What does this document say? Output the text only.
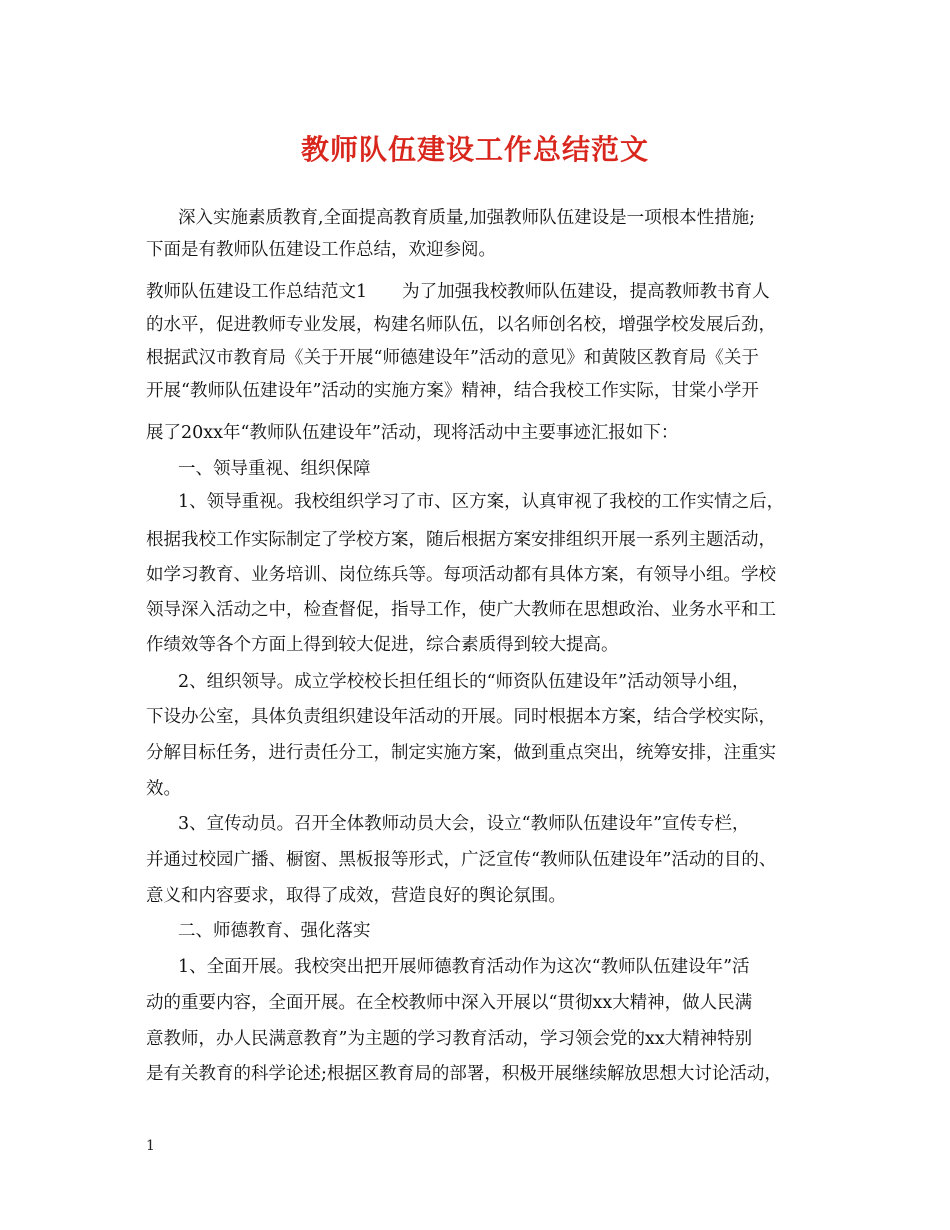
教师队伍建设工作总结范文
深入实施素质教育,全面提高教育质量,加强教师队伍建设是一项根本性措施;
下面是有教师队伍建设工作总结，欢迎参阅。
教师队伍建设工作总结范文1　　为了加强我校教师队伍建设，提高教师教书育人
的水平，促进教师专业发展，构建名师队伍，以名师创名校，增强学校发展后劲，
根据武汉市教育局《关于开展“师德建设年”活动的意见》和黄陂区教育局《关于
开展“教师队伍建设年”活动的实施方案》精神，结合我校工作实际，甘棠小学开
展了20xx年“教师队伍建设年”活动，现将活动中主要事迹汇报如下：
一、领导重视、组织保障
1、领导重视。我校组织学习了市、区方案，认真审视了我校的工作实情之后，
根据我校工作实际制定了学校方案，随后根据方案安排组织开展一系列主题活动，
如学习教育、业务培训、岗位练兵等。每项活动都有具体方案，有领导小组。学校
领导深入活动之中，检查督促，指导工作，使广大教师在思想政治、业务水平和工
作绩效等各个方面上得到较大促进，综合素质得到较大提高。
2、组织领导。成立学校校长担任组长的“师资队伍建设年”活动领导小组，
下设办公室，具体负责组织建设年活动的开展。同时根据本方案，结合学校实际，
分解目标任务，进行责任分工，制定实施方案，做到重点突出，统筹安排，注重实
效。
3、宣传动员。召开全体教师动员大会，设立“教师队伍建设年”宣传专栏，
并通过校园广播、橱窗、黑板报等形式，广泛宣传“教师队伍建设年”活动的目的、
意义和内容要求，取得了成效，营造良好的舆论氛围。
二、师德教育、强化落实
1、全面开展。我校突出把开展师德教育活动作为这次“教师队伍建设年”活
动的重要内容，全面开展。在全校教师中深入开展以“贯彻xx大精神，做人民满
意教师，办人民满意教育”为主题的学习教育活动，学习领会党的xx大精神特别
是有关教育的科学论述;根据区教育局的部署，积极开展继续解放思想大讨论活动，
1
